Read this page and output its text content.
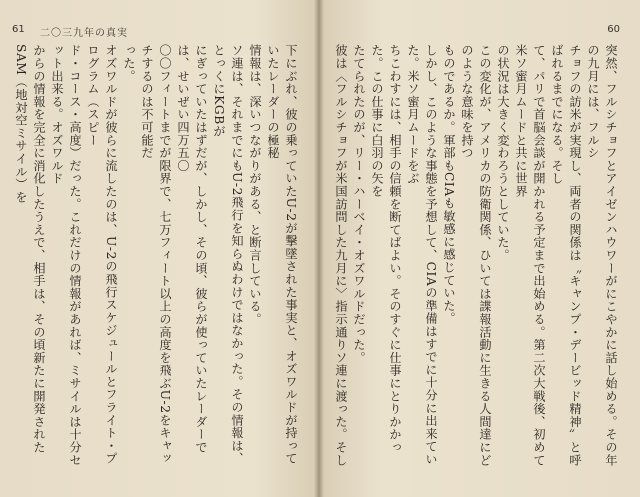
61 二〇三九年の真実
下にぶれ、彼の乗っていたU‐2が撃墜された事実と、オズワルドが持っていたレーダーの極秘
情報は、深いつながりがある、と断言している。
ソ連は、それまでにもU‐2飛行を知らぬわけではなかった。その情報は、とっくにKGBが
にぎっていたはずだが、しかし、その頃、彼らが使っていたレーダーでは、せいぜい四万五〇
〇〇フィートまでが限界で、七万フィート以上の高度を飛ぶU‐2をキャッチするのは不可能だ
った。
オズワルドが彼らに流したのは、U‐2の飛行スケジュールとフライト・プログラム（スピー
ド・コース・高度）だった。これだけの情報があれば、ミサイルは十分セット出来る。オズワルド
からの情報を完全に消化したうえで、相手は、その頃新たに開発されたSAM（地対空ミサイル）を
60
突然、フルシチョフとアイゼンハウワーがにこやかに話し始める。その年の九月には、フルシ
チョフの訪米が実現し、両者の関係は〝キャンプ・デービッド精神〟と呼ばれるまでになる。そし
て、パリで首脳会談が開かれる予定まで出始める。第二次大戦後、初めて米ソ蜜月ムードと共に世界
の状況は大きく変わろうとしていた。
この変化が、アメリカの防衛関係、ひいては諜報活動に生きる人間達にどのような意味を持つ
ものであるか。軍部もCIAも敏感に感じていた。
しかし、このような事態を予想して、CIAの準備はすでに十分に出来ていた。米ソ蜜月ムードをぶ
ちこわすには、相手の信頼を断てばよい。そのすぐに仕事にとりかかった。この仕事に白羽の矢を
たてられたのが、リー・ハーベイ・オズワルドだった。
彼は〈フルシチョフが米国訪問した九月に〉指示通りソ連に渡った。そし
